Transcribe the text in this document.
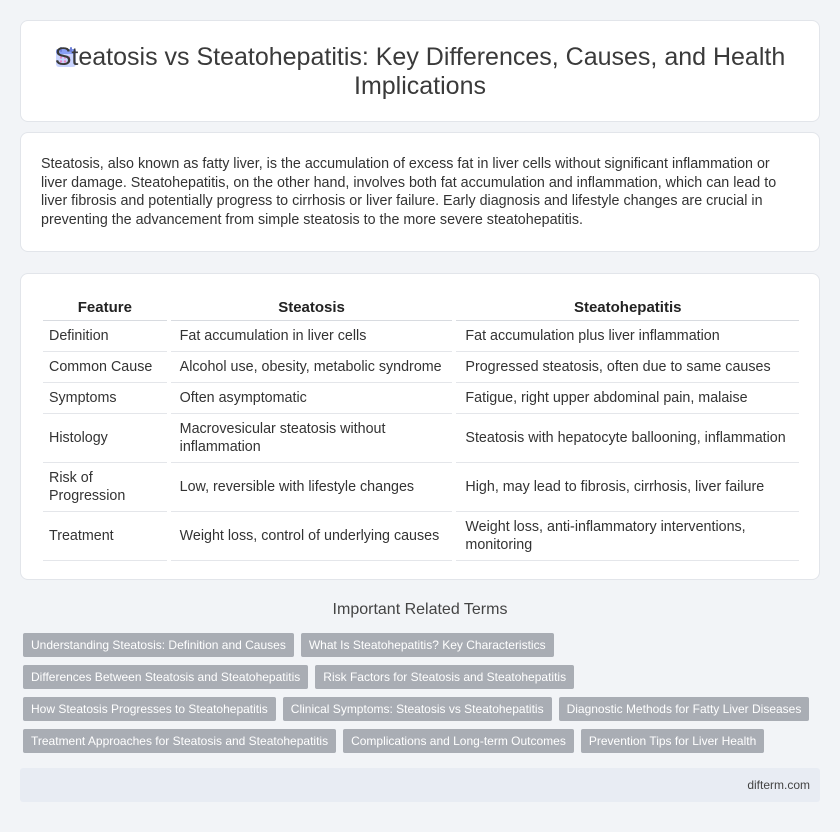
Steatosis vs Steatohepatitis: Key Differences, Causes, and Health Implications

Steatosis, also known as fatty liver, is the accumulation of excess fat in liver cells without significant inflammation or liver damage. Steatohepatitis, on the other hand, involves both fat accumulation and inflammation, which can lead to liver fibrosis and potentially progress to cirrhosis or liver failure. Early diagnosis and lifestyle changes are crucial in preventing the advancement from simple steatosis to the more severe steatohepatitis.

Feature	Steatosis	Steatohepatitis
Definition	Fat accumulation in liver cells	Fat accumulation plus liver inflammation
Common Cause	Alcohol use, obesity, metabolic syndrome	Progressed steatosis, often due to same causes
Symptoms	Often asymptomatic	Fatigue, right upper abdominal pain, malaise
Histology	Macrovesicular steatosis without inflammation	Steatosis with hepatocyte ballooning, inflammation
Risk of Progression	Low, reversible with lifestyle changes	High, may lead to fibrosis, cirrhosis, liver failure
Treatment	Weight loss, control of underlying causes	Weight loss, anti-inflammatory interventions, monitoring
Important Related Terms
Understanding Steatosis: Definition and Causes	What Is Steatohepatitis? Key Characteristics
Differences Between Steatosis and Steatohepatitis	Risk Factors for Steatosis and Steatohepatitis
How Steatosis Progresses to Steatohepatitis	Clinical Symptoms: Steatosis vs Steatohepatitis	Diagnostic Methods for Fatty Liver Diseases
Treatment Approaches for Steatosis and Steatohepatitis	Complications and Long-term Outcomes	Prevention Tips for Liver Health
difterm.com
